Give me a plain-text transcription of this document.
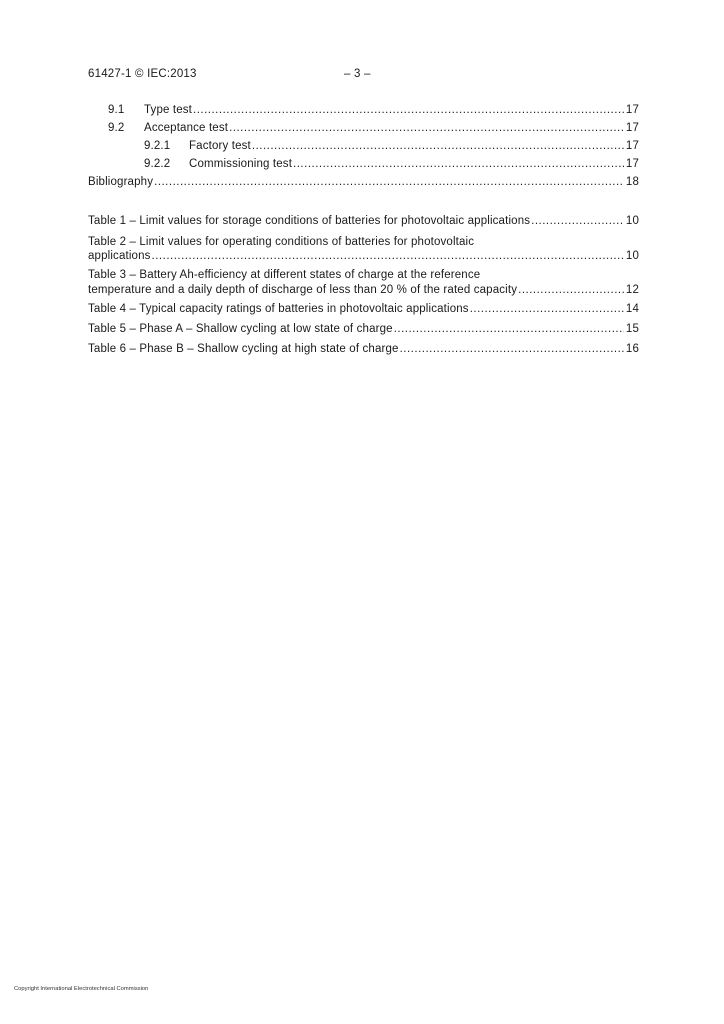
61427-1 © IEC:2013	– 3 –
9.1	Type test .....	17
9.2	Acceptance test .....	17
9.2.1	Factory test .....	17
9.2.2	Commissioning test .....	17
Bibliography .....	18
Table 1 – Limit values for storage conditions of batteries for photovoltaic applications .....	10
Table 2 – Limit values for operating conditions of batteries for photovoltaic
applications .....	10
Table 3 – Battery Ah-efficiency at different states of charge at the reference
temperature and a daily depth of discharge of less than 20 % of the rated capacity .....	12
Table 4 – Typical capacity ratings of batteries in photovoltaic applications .....	14
Table 5 – Phase A – Shallow cycling at low state of charge .....	15
Table 6 – Phase B – Shallow cycling at high state of charge .....	16
Copyright International Electrotechnical Commission
